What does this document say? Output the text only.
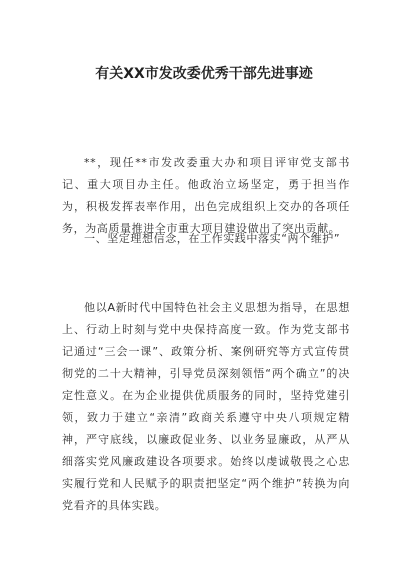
有关XX市发改委优秀干部先进事迹

**，现任**市发改委重大办和项目评审党支部书记、重大项目办主任。他政治立场坚定，勇于担当作为，积极发挥表率作用，出色完成组织上交办的各项任务，为高质量推进全市重大项目建设做出了突出贡献。

一、坚定理想信念，在工作实践中落实“两个维护”

他以A新时代中国特色社会主义思想为指导，在思想上、行动上时刻与党中央保持高度一致。作为党支部书记通过“三会一课”、政策分析、案例研究等方式宣传贯彻党的二十大精神，引导党员深刻领悟“两个确立”的决定性意义。在为企业提供优质服务的同时，坚持党建引领，致力于建立“亲清”政商关系遵守中央八项规定精神，严守底线，以廉政促业务、以业务显廉政，从严从细落实党风廉政建设各项要求。始终以虔诚敬畏之心忠实履行党和人民赋予的职责把坚定“两个维护”转换为向党看齐的具体实践。
